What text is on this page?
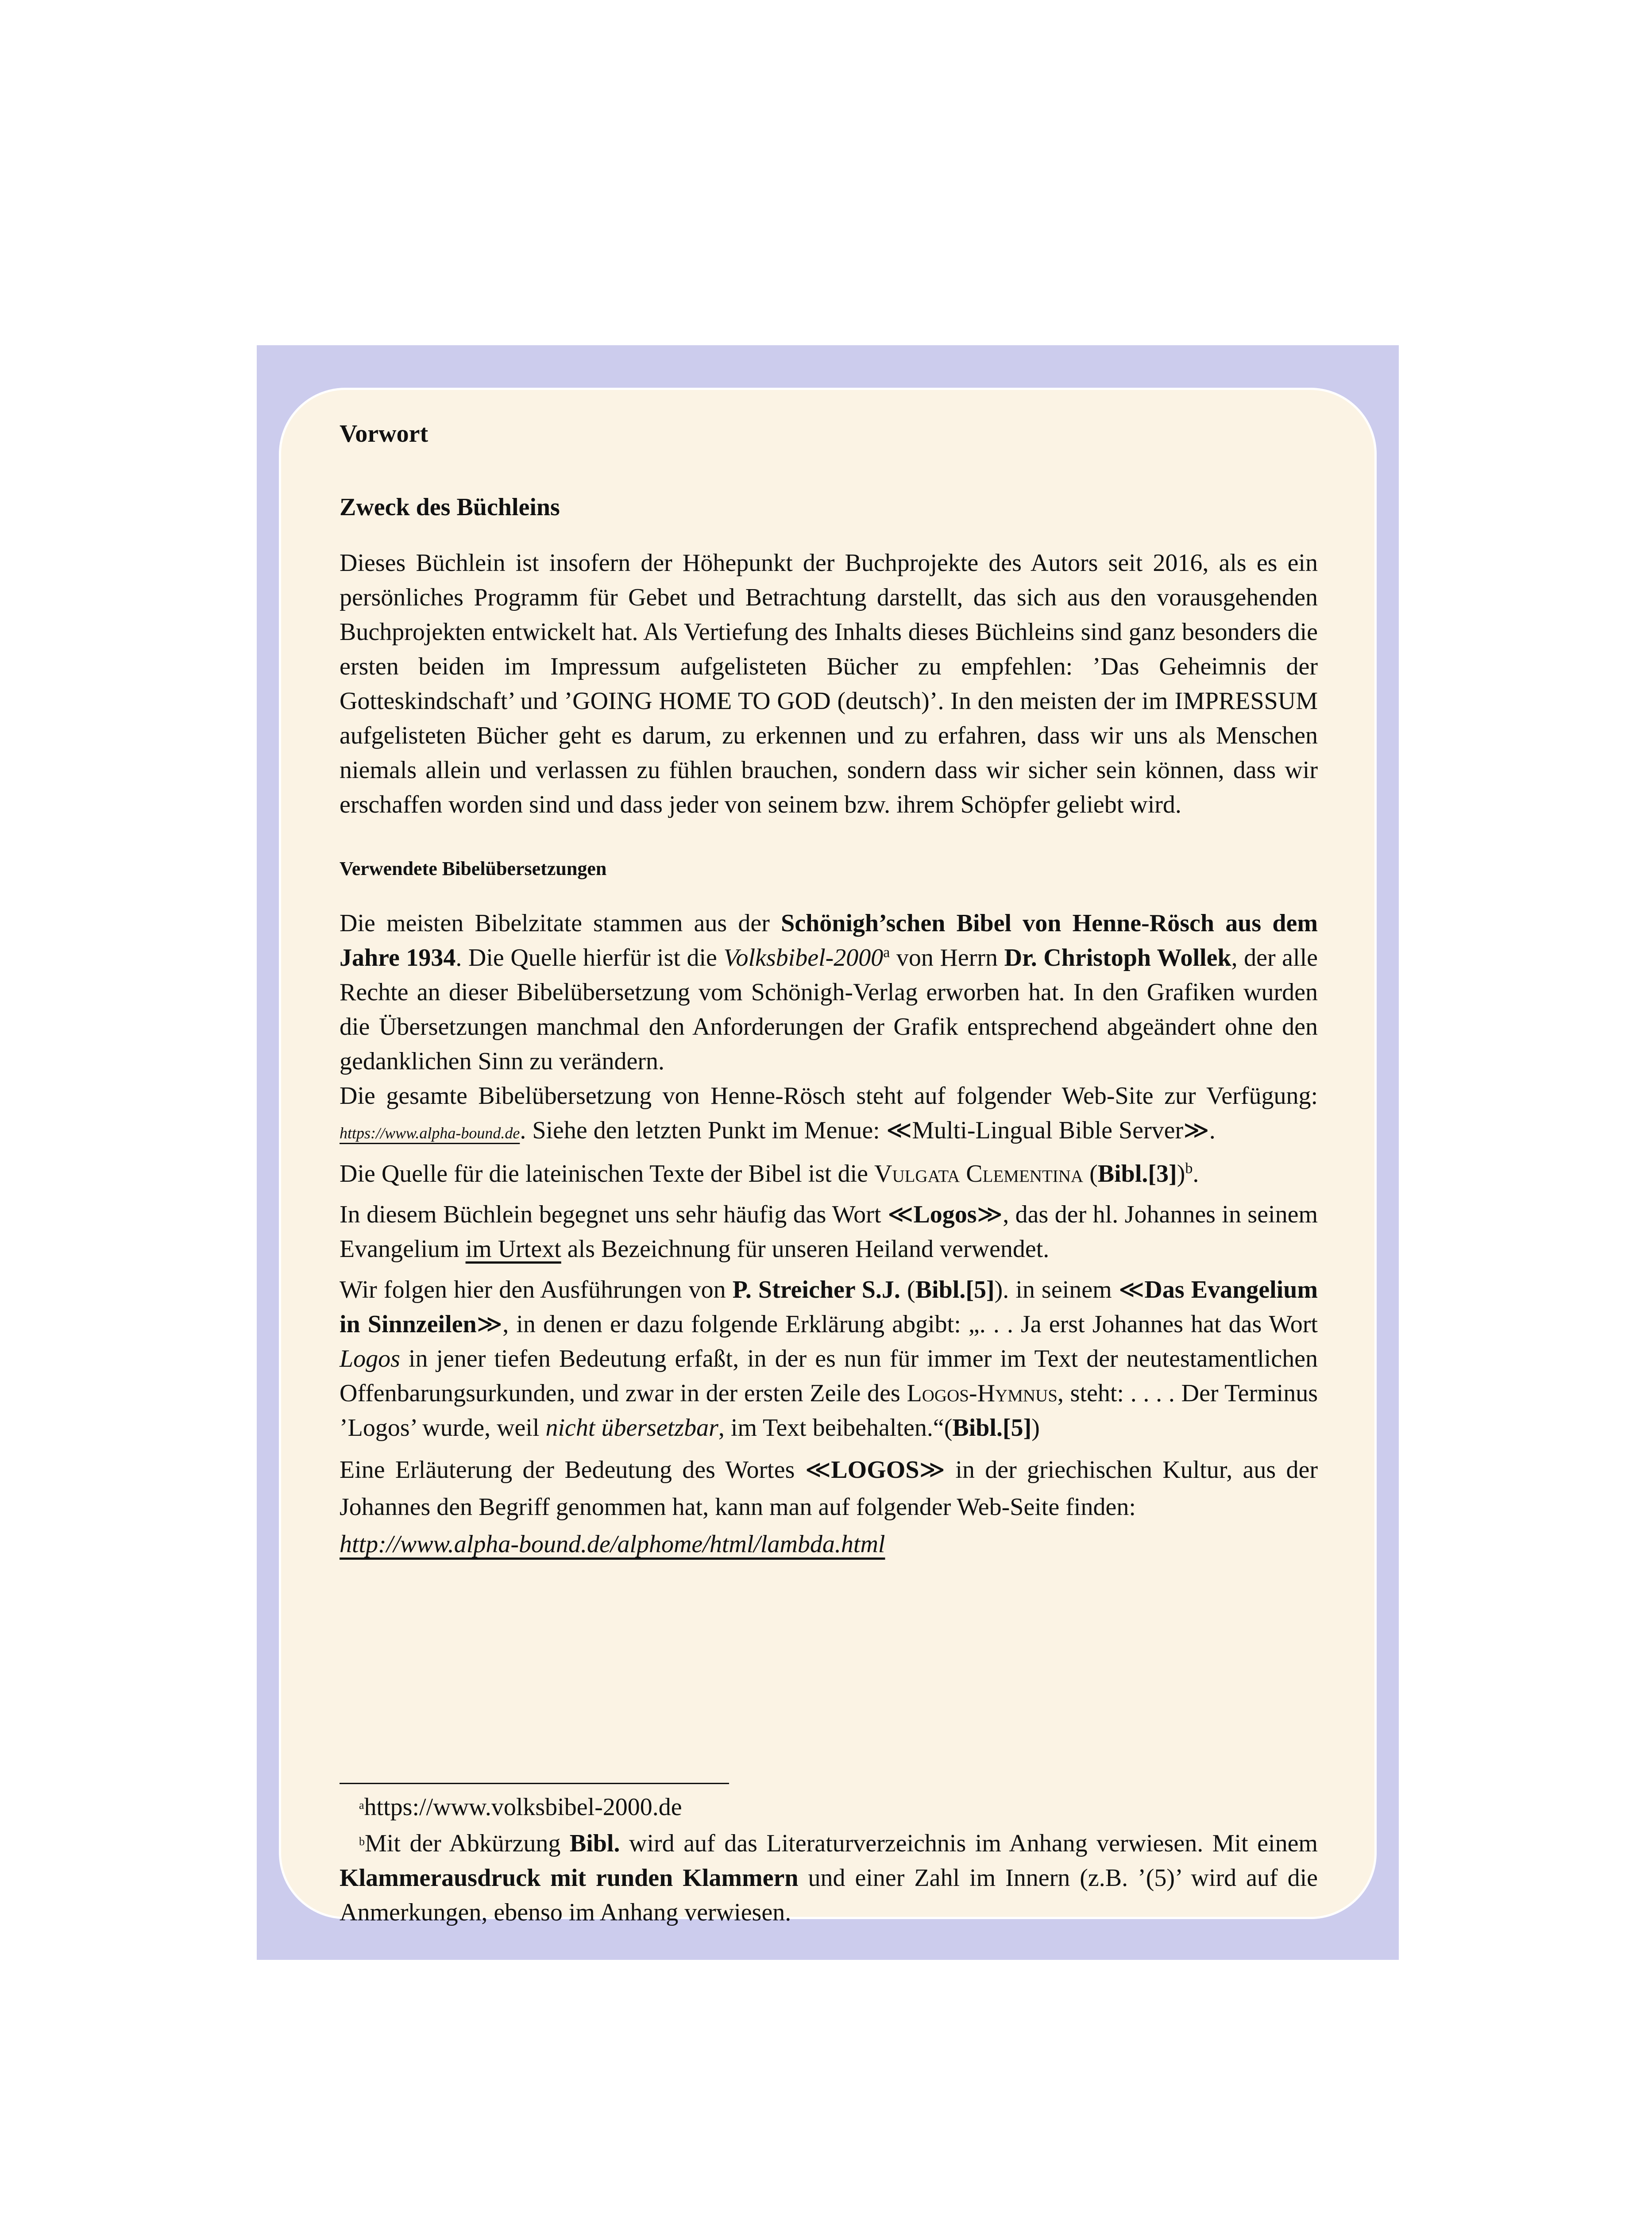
Vorwort
Zweck des Büchleins

Dieses Büchlein ist insofern der Höhepunkt der Buchprojekte des Autors seit 2016, als es ein persönliches Programm für Gebet und Betrachtung darstellt, das sich aus den vorausgehenden Buchprojekten entwickelt hat. Als Vertiefung des Inhalts dieses Büchleins sind ganz besonders die ersten beiden im Impressum aufgelisteten Bücher zu empfehlen: ’Das Geheimnis der Gotteskindschaft’ und ’GOING HOME TO GOD (deutsch)’. In den meisten der im IMPRESSUM aufgelisteten Bücher geht es darum, zu erkennen und zu erfahren, dass wir uns als Menschen niemals allein und verlassen zu fühlen brauchen, sondern dass wir sicher sein können, dass wir erschaffen worden sind und dass jeder von seinem bzw. ihrem Schöpfer geliebt wird.

Verwendete Bibelübersetzungen

Die meisten Bibelzitate stammen aus der Schönigh’schen Bibel von Henne-Rösch aus dem Jahre 1934. Die Quelle hierfür ist die Volksbibel-2000$^a$ von Herrn Dr. Christoph Wollek, der alle Rechte an dieser Bibelübersetzung vom Schönigh-Verlag erworben hat. In den Grafiken wurden die Übersetzungen manchmal den Anforderungen der Grafik entsprechend abgeändert ohne den gedanklichen Sinn zu verändern.

Die gesamte Bibelübersetzung von Henne-Rösch steht auf folgender Web-Site zur Verfügung: https://www.alpha-bound.de. Siehe den letzten Punkt im Menue: ≪Multi-Lingual Bible Server≫.

Die Quelle für die lateinischen Texte der Bibel ist die Vulgata Clementina (Bibl.[3])$^b$.

In diesem Büchlein begegnet uns sehr häufig das Wort ≪Logos≫, das der hl. Johannes in seinem Evangelium im Urtext als Bezeichnung für unseren Heiland verwendet.

Wir folgen hier den Ausführungen von P. Streicher S.J. (Bibl.[5]). in seinem ≪Das Evangelium in Sinnzeilen≫, in denen er dazu folgende Erklärung abgibt: „. . . Ja erst Johannes hat das Wort Logos in jener tiefen Bedeutung erfaßt, in der es nun für immer im Text der neutestamentlichen Offenbarungsurkunden, und zwar in der ersten Zeile des Logos-Hymnus, steht: . . . . Der Terminus ’Logos’ wurde, weil nicht übersetzbar, im Text beibehalten.“(Bibl.[5])

Eine Erläuterung der Bedeutung des Wortes ≪LOGOS≫ in der griechischen Kultur, aus der Johannes den Begriff genommen hat, kann man auf folgender Web-Seite finden:
http://www.alpha-bound.de/alphome/html/lambda.html

$^a$https://www.volksbibel-2000.de

$^b$Mit der Abkürzung Bibl. wird auf das Literaturverzeichnis im Anhang verwiesen. Mit einem Klammerausdruck mit runden Klammern und einer Zahl im Innern (z.B. ’(5)’ wird auf die Anmerkungen, ebenso im Anhang verwiesen.
